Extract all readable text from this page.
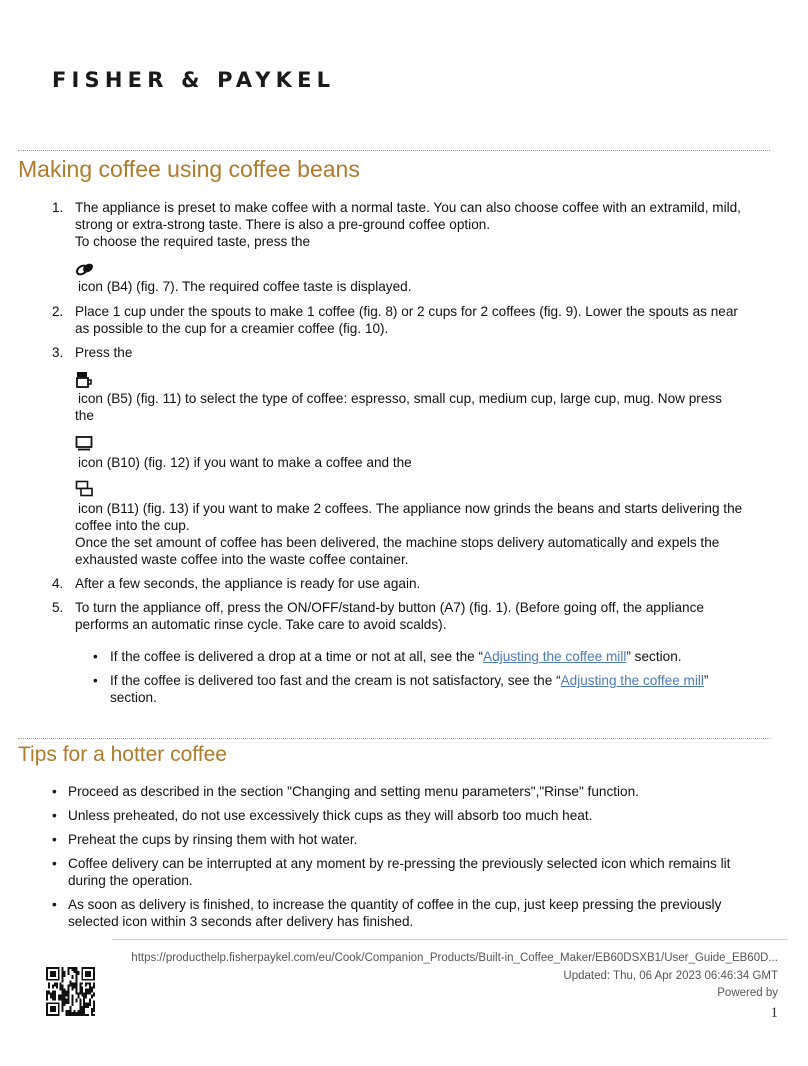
FISHER & PAYKEL
Making coffee using coffee beans
1. The appliance is preset to make coffee with a normal taste. You can also choose coffee with an extramild, mild,
strong or extra-strong taste. There is also a pre-ground coffee option.
To choose the required taste, press the
icon (B4) (fig. 7). The required coffee taste is displayed.
2. Place 1 cup under the spouts to make 1 coffee (fig. 8) or 2 cups for 2 coffees (fig. 9). Lower the spouts as near
as possible to the cup for a creamier coffee (fig. 10).
3. Press the
icon (B5) (fig. 11) to select the type of coffee: espresso, small cup, medium cup, large cup, mug. Now press
the
icon (B10) (fig. 12) if you want to make a coffee and the
icon (B11) (fig. 13) if you want to make 2 coffees. The appliance now grinds the beans and starts delivering the
coffee into the cup.
Once the set amount of coffee has been delivered, the machine stops delivery automatically and expels the
exhausted waste coffee into the waste coffee container.
4. After a few seconds, the appliance is ready for use again.
5. To turn the appliance off, press the ON/OFF/stand-by button (A7) (fig. 1). (Before going off, the appliance
performs an automatic rinse cycle. Take care to avoid scalds).
• If the coffee is delivered a drop at a time or not at all, see the “Adjusting the coffee mill” section.
• If the coffee is delivered too fast and the cream is not satisfactory, see the “Adjusting the coffee mill”
section.
Tips for a hotter coffee
• Proceed as described in the section "Changing and setting menu parameters","Rinse" function.
• Unless preheated, do not use excessively thick cups as they will absorb too much heat.
• Preheat the cups by rinsing them with hot water.
• Coffee delivery can be interrupted at any moment by re-pressing the previously selected icon which remains lit
during the operation.
• As soon as delivery is finished, to increase the quantity of coffee in the cup, just keep pressing the previously
selected icon within 3 seconds after delivery has finished.
https://producthelp.fisherpaykel.com/eu/Cook/Companion_Products/Built-in_Coffee_Maker/EB60DSXB1/User_Guide_EB60D...
Updated: Thu, 06 Apr 2023 06:46:34 GMT
Powered by
1
